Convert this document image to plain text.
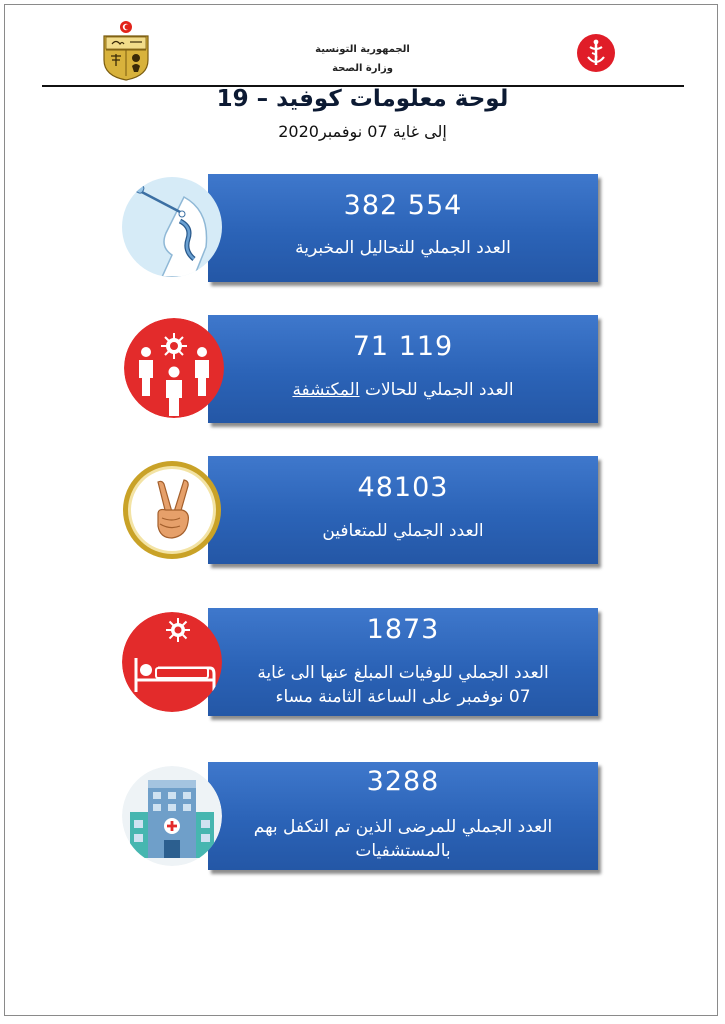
الجمهورية التونسية
وزارة الصحة
لوحة معلومات كوفيد – 19
إلى غاية 07 نوفمبر2020
382 554
العدد الجملي للتحاليل المخبرية
71 119
العدد الجملي للحالات المكتشفة
48103
العدد الجملي للمتعافين
1873
العدد الجملي للوفيات المبلغ عنها الى غاية
07 نوفمبر على الساعة الثامنة مساء
3288
العدد الجملي للمرضى الذين تم التكفل بهم
بالمستشفيات
